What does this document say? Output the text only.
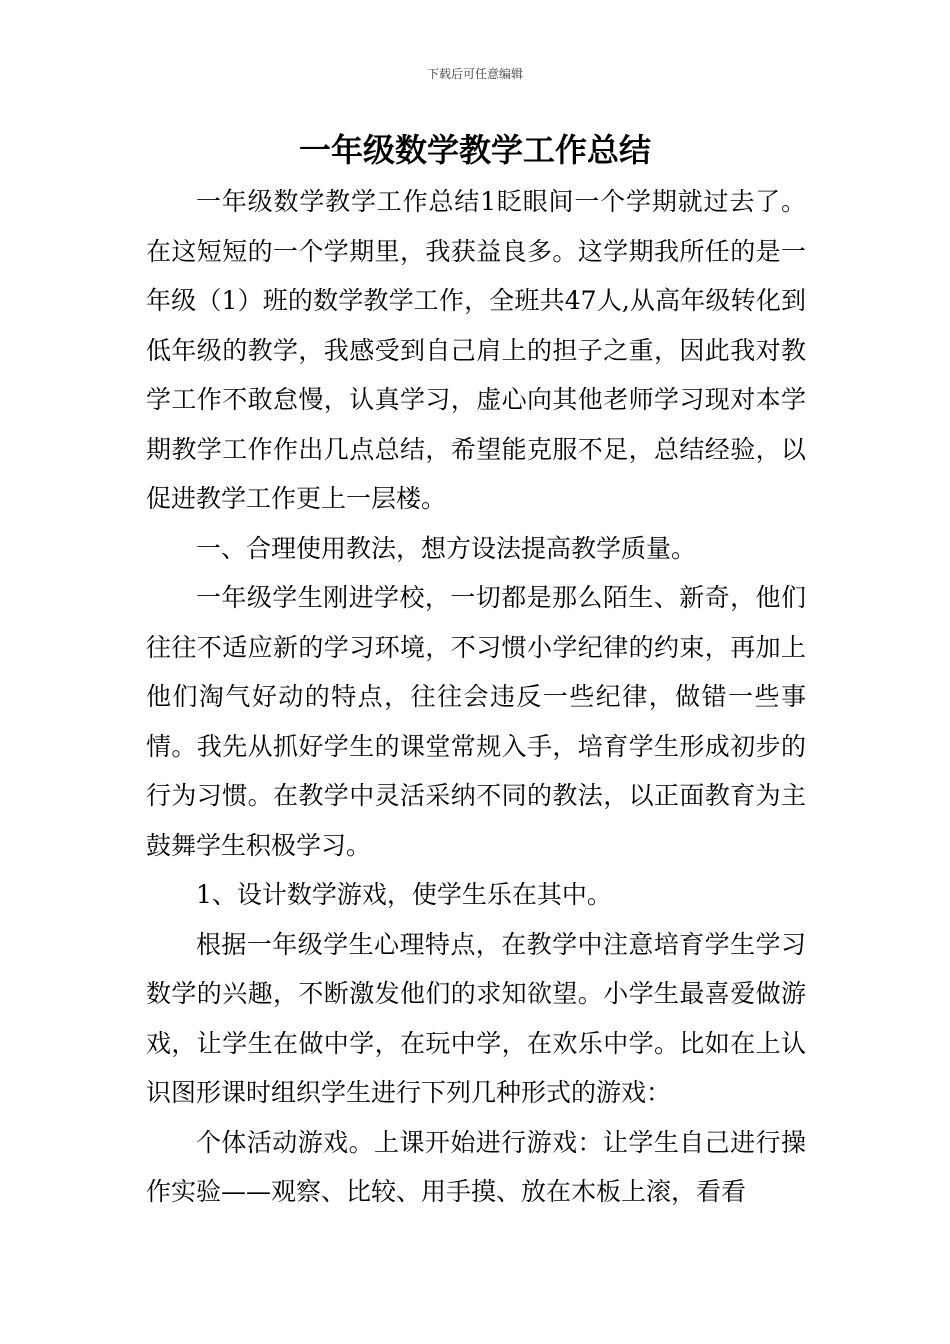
下载后可任意编辑
一年级数学教学工作总结

一年级数学教学工作总结1眨眼间一个学期就过去了。在这短短的一个学期里，我获益良多。这学期我所任的是一年级（1）班的数学教学工作，全班共47人,从高年级转化到低年级的教学，我感受到自己肩上的担子之重，因此我对教学工作不敢怠慢，认真学习，虚心向其他老师学习现对本学期教学工作作出几点总结，希望能克服不足，总结经验，以促进教学工作更上一层楼。

一、合理使用教法，想方设法提高教学质量。

一年级学生刚进学校，一切都是那么陌生、新奇，他们往往不适应新的学习环境，不习惯小学纪律的约束，再加上他们淘气好动的特点，往往会违反一些纪律，做错一些事情。我先从抓好学生的课堂常规入手，培育学生形成初步的行为习惯。在教学中灵活采纳不同的教法，以正面教育为主鼓舞学生积极学习。

1、设计数学游戏，使学生乐在其中。

根据一年级学生心理特点，在教学中注意培育学生学习数学的兴趣，不断激发他们的求知欲望。小学生最喜爱做游戏，让学生在做中学，在玩中学，在欢乐中学。比如在上认识图形课时组织学生进行下列几种形式的游戏：

个体活动游戏。上课开始进行游戏：让学生自己进行操作实验——观察、比较、用手摸、放在木板上滚，看看
